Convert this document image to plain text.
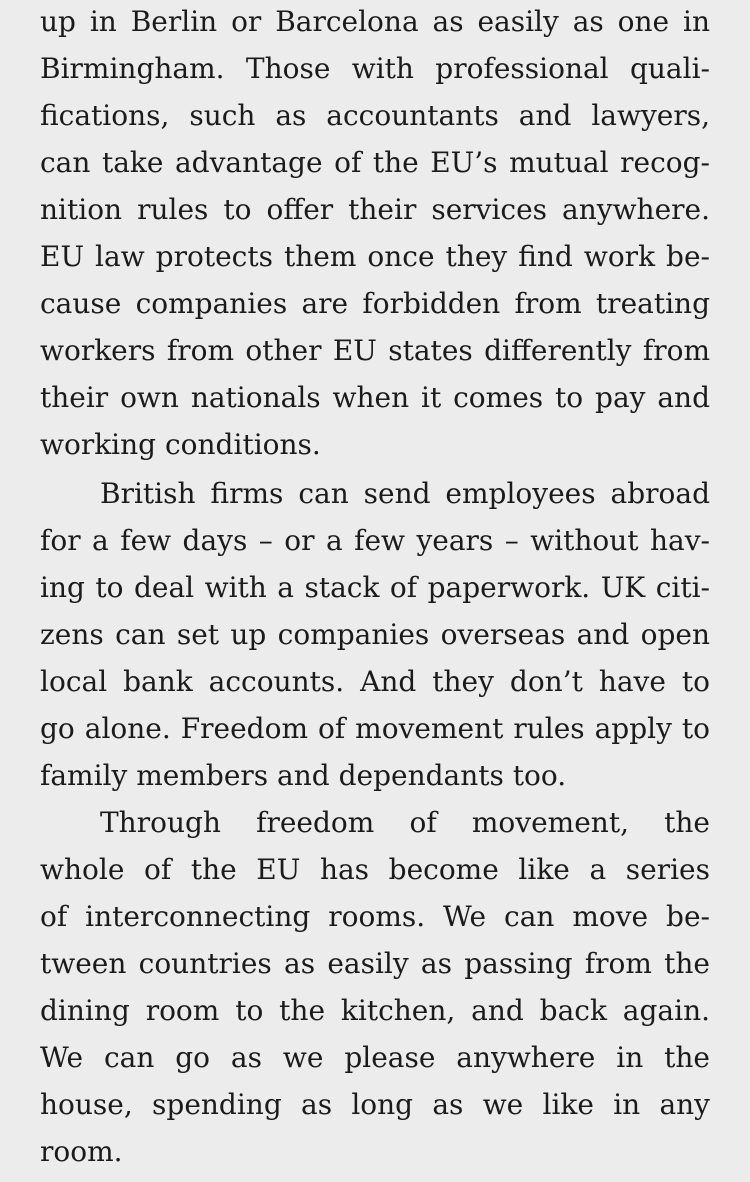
up in Berlin or Barcelona as easily as one in
Birmingham. Those with professional quali-
fications, such as accountants and lawyers,
can take advantage of the EU’s mutual recog-
nition rules to offer their services anywhere.
EU law protects them once they find work be-
cause companies are forbidden from treating
workers from other EU states differently from
their own nationals when it comes to pay and
working conditions.
British firms can send employees abroad
for a few days – or a few years – without hav-
ing to deal with a stack of paperwork. UK citi-
zens can set up companies overseas and open
local bank accounts. And they don’t have to
go alone. Freedom of movement rules apply to
family members and dependants too.
Through freedom of movement, the
whole of the EU has become like a series
of interconnecting rooms. We can move be-
tween countries as easily as passing from the
dining room to the kitchen, and back again.
We can go as we please anywhere in the
house, spending as long as we like in any
room.
